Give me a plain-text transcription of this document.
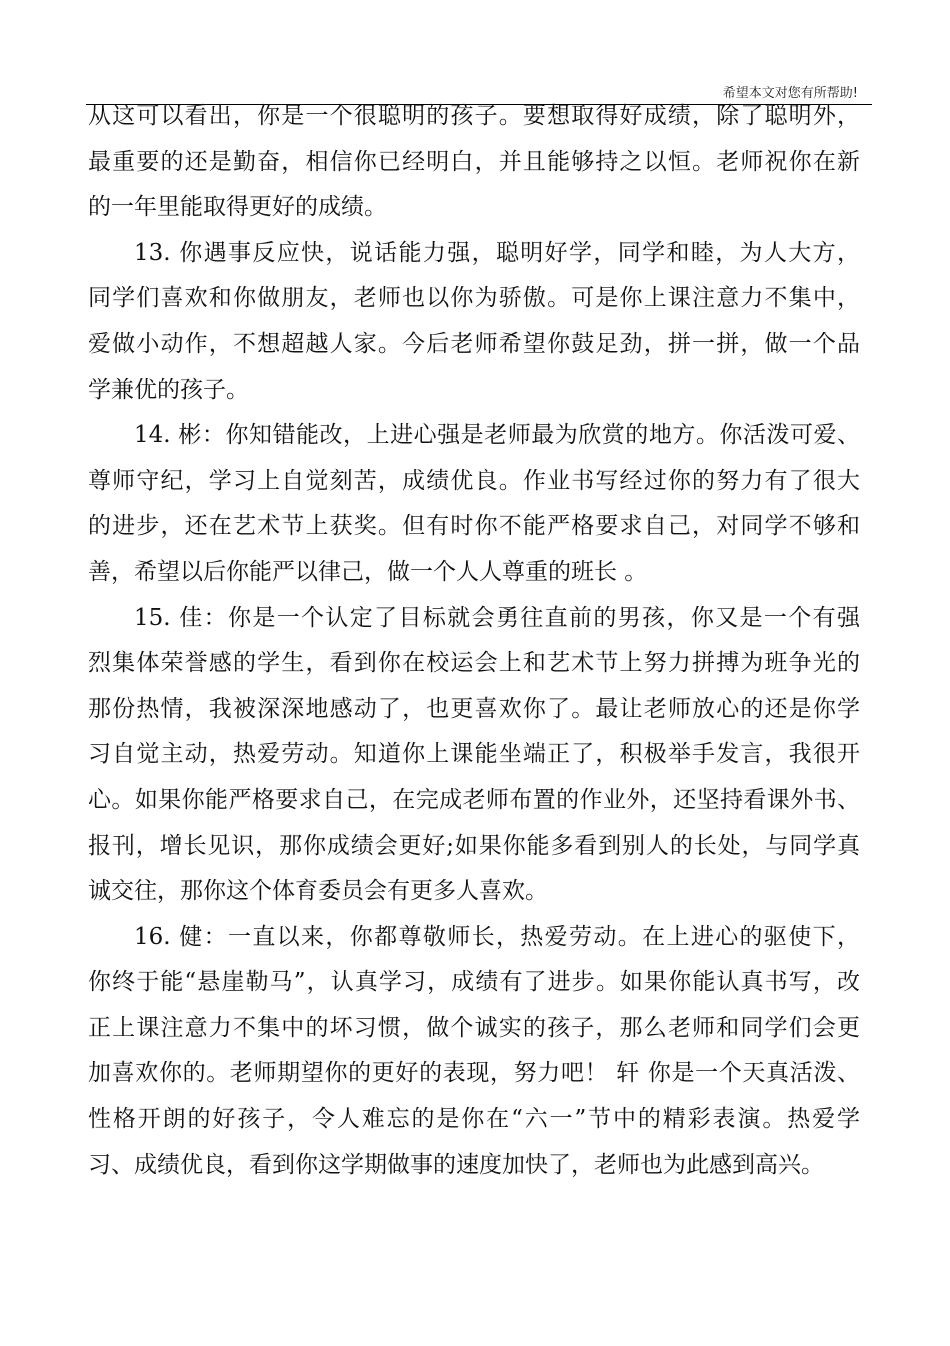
希望本文对您有所帮助!
从这可以看出，你是一个很聪明的孩子。要想取得好成绩，除了聪明外，
最重要的还是勤奋，相信你已经明白，并且能够持之以恒。老师祝你在新
的一年里能取得更好的成绩。
13. 你遇事反应快，说话能力强，聪明好学，同学和睦，为人大方，
同学们喜欢和你做朋友，老师也以你为骄傲。可是你上课注意力不集中，
爱做小动作，不想超越人家。今后老师希望你鼓足劲，拼一拼，做一个品
学兼优的孩子。
14. 彬：你知错能改，上进心强是老师最为欣赏的地方。你活泼可爱、
尊师守纪，学习上自觉刻苦，成绩优良。作业书写经过你的努力有了很大
的进步，还在艺术节上获奖。但有时你不能严格要求自己，对同学不够和
善，希望以后你能严以律己，做一个人人尊重的班长 。
15. 佳：你是一个认定了目标就会勇往直前的男孩，你又是一个有强
烈集体荣誉感的学生，看到你在校运会上和艺术节上努力拼搏为班争光的
那份热情，我被深深地感动了，也更喜欢你了。最让老师放心的还是你学
习自觉主动，热爱劳动。知道你上课能坐端正了，积极举手发言，我很开
心。如果你能严格要求自己，在完成老师布置的作业外，还坚持看课外书、
报刊，增长见识，那你成绩会更好;如果你能多看到别人的长处，与同学真
诚交往，那你这个体育委员会有更多人喜欢。
16. 健：一直以来，你都尊敬师长，热爱劳动。在上进心的驱使下，
你终于能“悬崖勒马”，认真学习，成绩有了进步。如果你能认真书写，改
正上课注意力不集中的坏习惯，做个诚实的孩子，那么老师和同学们会更
加喜欢你的。老师期望你的更好的表现，努力吧！ 轩 你是一个天真活泼、
性格开朗的好孩子，令人难忘的是你在“六一”节中的精彩表演。热爱学
习、成绩优良，看到你这学期做事的速度加快了，老师也为此感到高兴。
